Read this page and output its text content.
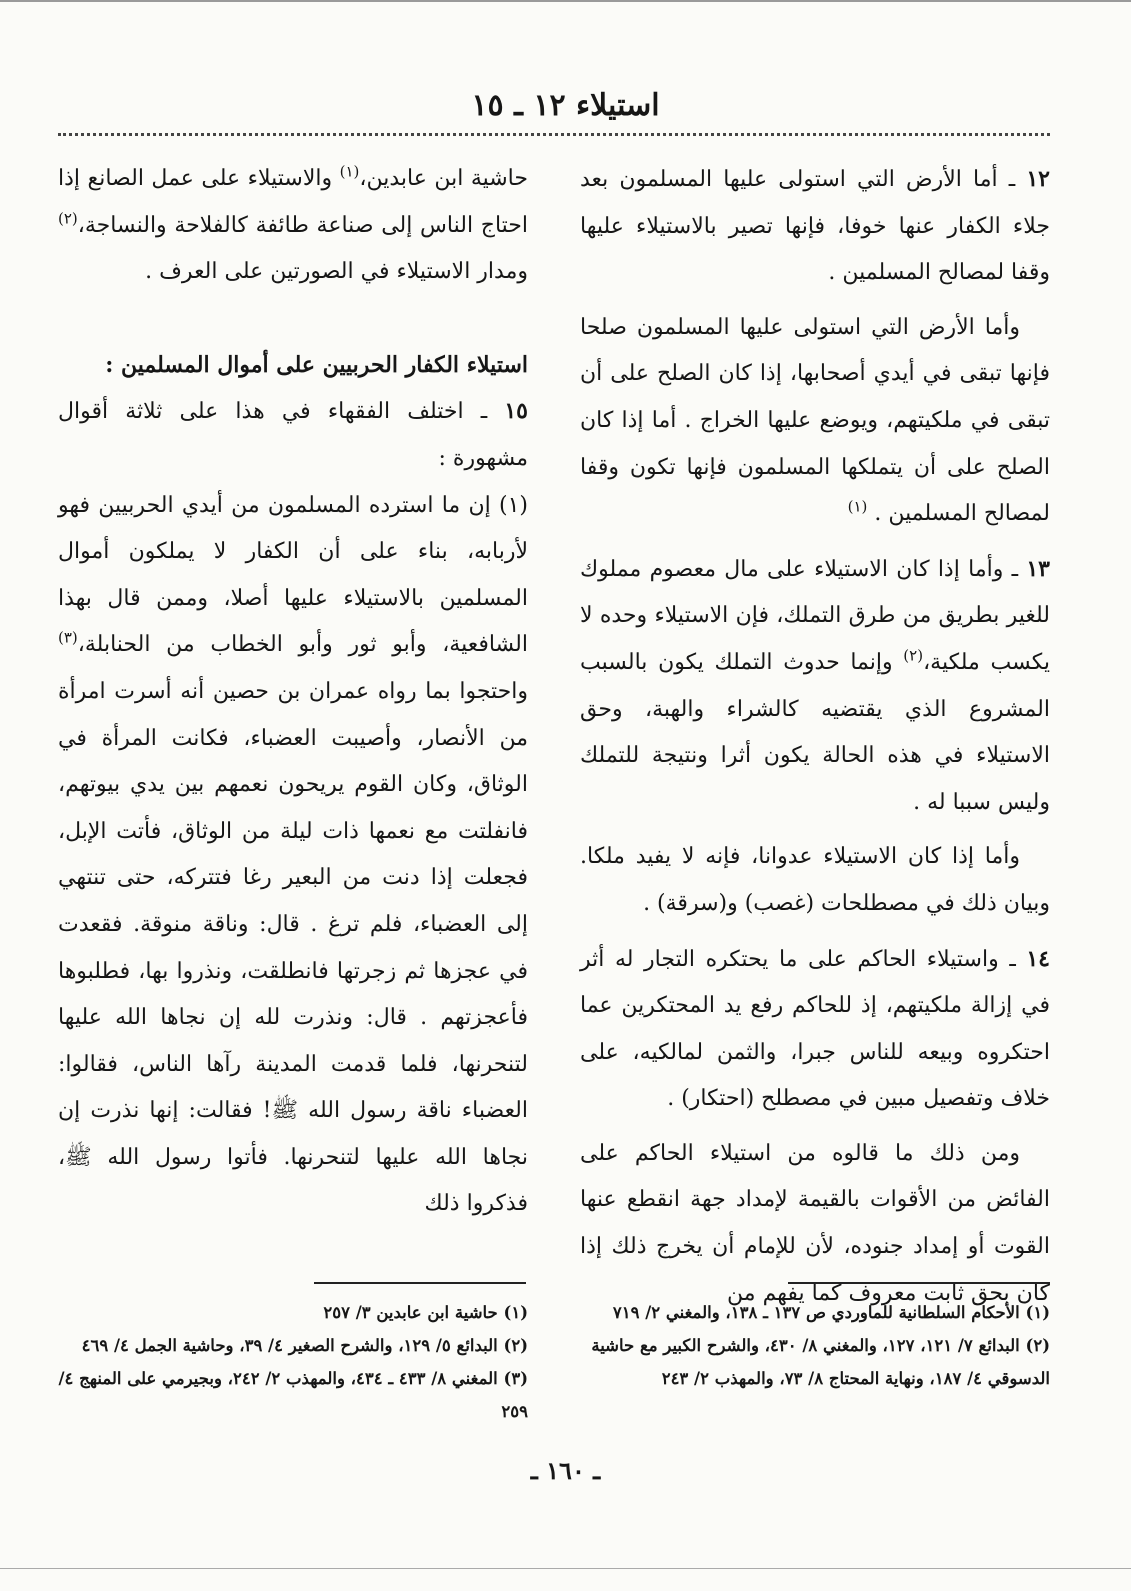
استيلاء ١٢ ـ ١٥

١٢ ـ أما الأرض التي استولى عليها المسلمون بعد جلاء الكفار عنها خوفا، فإنها تصير بالاستيلاء عليها وقفا لمصالح المسلمين .

وأما الأرض التي استولى عليها المسلمون صلحا فإنها تبقى في أيدي أصحابها، إذا كان الصلح على أن تبقى في ملكيتهم، ويوضع عليها الخراج . أما إذا كان الصلح على أن يتملكها المسلمون فإنها تكون وقفا لمصالح المسلمين . $^{(١)}$

١٣ ـ وأما إذا كان الاستيلاء على مال معصوم مملوك للغير بطريق من طرق التملك، فإن الاستيلاء وحده لا يكسب ملكية،$^{(٢)}$ وإنما حدوث التملك يكون بالسبب المشروع الذي يقتضيه كالشراء والهبة، وحق الاستيلاء في هذه الحالة يكون أثرا ونتيجة للتملك وليس سببا له .

وأما إذا كان الاستيلاء عدوانا، فإنه لا يفيد ملكا. وبيان ذلك في مصطلحات (غصب) و(سرقة) .

١٤ ـ واستيلاء الحاكم على ما يحتكره التجار له أثر في إزالة ملكيتهم، إذ للحاكم رفع يد المحتكرين عما احتكروه وبيعه للناس جبرا، والثمن لمالكيه، على خلاف وتفصيل مبين في مصطلح (احتكار) .

ومن ذلك ما قالوه من استيلاء الحاكم على الفائض من الأقوات بالقيمة لإمداد جهة انقطع عنها القوت أو إمداد جنوده، لأن للإمام أن يخرج ذلك إذا كان بحق ثابت معروف كما يفهم من

حاشية ابن عابدين،$^{(١)}$ والاستيلاء على عمل الصانع إذا احتاج الناس إلى صناعة طائفة كالفلاحة والنساجة،$^{(٢)}$ ومدار الاستيلاء في الصورتين على العرف .

استيلاء الكفار الحربيين على أموال المسلمين :

١٥ ـ اختلف الفقهاء في هذا على ثلاثة أقوال مشهورة :

(١) إن ما استرده المسلمون من أيدي الحربيين فهو لأربابه، بناء على أن الكفار لا يملكون أموال المسلمين بالاستيلاء عليها أصلا، وممن قال بهذا الشافعية، وأبو ثور وأبو الخطاب من الحنابلة،$^{(٣)}$ واحتجوا بما رواه عمران بن حصين أنه أسرت امرأة من الأنصار، وأصيبت العضباء، فكانت المرأة في الوثاق، وكان القوم يريحون نعمهم بين يدي بيوتهم، فانفلتت مع نعمها ذات ليلة من الوثاق، فأتت الإبل، فجعلت إذا دنت من البعير رغا فتتركه، حتى تنتهي إلى العضباء، فلم ترغ . قال: وناقة منوقة. فقعدت في عجزها ثم زجرتها فانطلقت، ونذروا بها، فطلبوها فأعجزتهم . قال: ونذرت لله إن نجاها الله عليها لتنحرنها، فلما قدمت المدينة رآها الناس، فقالوا: العضباء ناقة رسول الله ﷺ! فقالت: إنها نذرت إن نجاها الله عليها لتنحرنها. فأتوا رسول الله ﷺ، فذكروا ذلك

(١) الأحكام السلطانية للماوردي ص ١٣٧ ـ ١٣٨، والمغني ٢/ ٧١٩

(٢) البدائع ٧/ ١٢١، ١٢٧، والمغني ٨/ ٤٣٠، والشرح الكبير مع حاشية الدسوقي ٤/ ١٨٧، ونهاية المحتاج ٨/ ٧٣، والمهذب ٢/ ٢٤٣

(١) حاشية ابن عابدين ٣/ ٢٥٧

(٢) البدائع ٥/ ١٢٩، والشرح الصغير ٤/ ٣٩، وحاشية الجمل ٤/ ٤٦٩

(٣) المغني ٨/ ٤٣٣ ـ ٤٣٤، والمهذب ٢/ ٢٤٢، وبجيرمي على المنهج ٤/ ٢٥٩

ـ ١٦٠ ـ
